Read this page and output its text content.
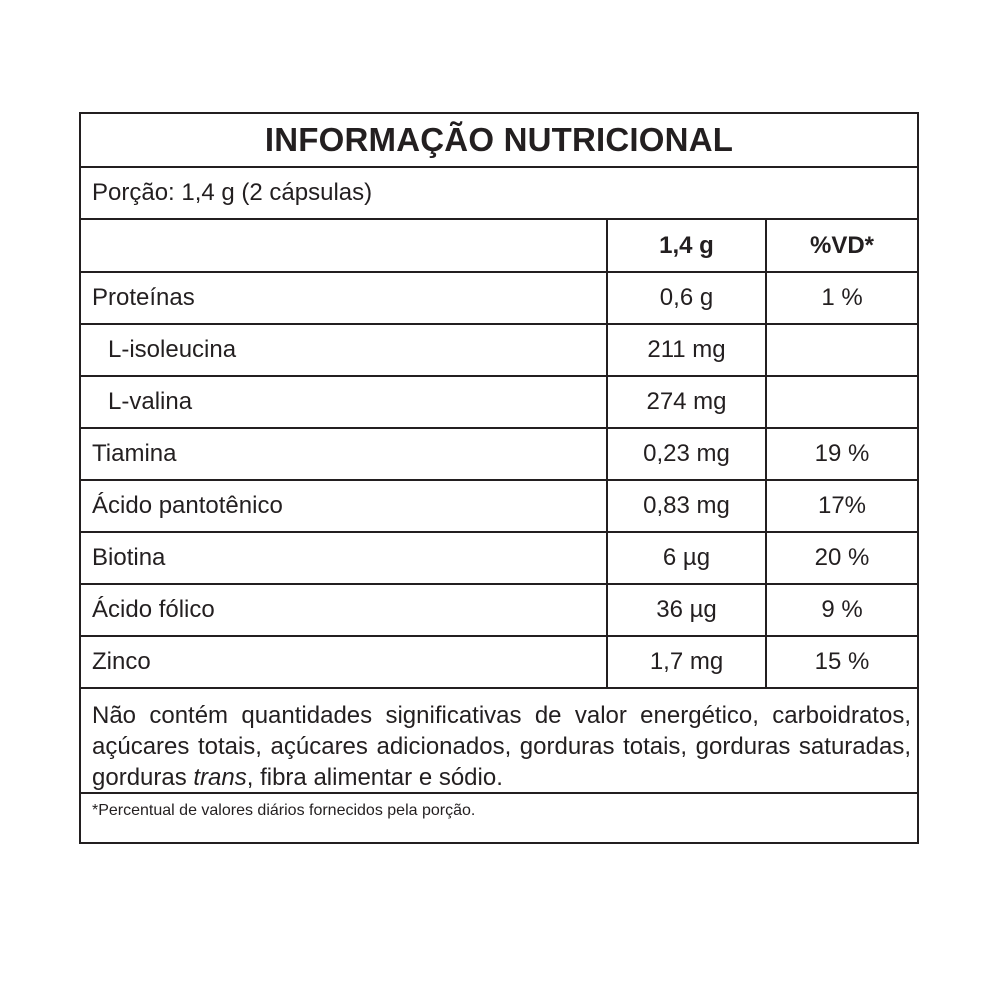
INFORMAÇÃO NUTRICIONAL
Porção: 1,4 g (2 cápsulas)
	1,4 g	%VD*
Proteínas	0,6 g	1 %
L-isoleucina	211 mg	
L-valina	274 mg	
Tiamina	0,23 mg	19 %
Ácido pantotênico	0,83 mg	17%
Biotina	6 µg	20 %
Ácido fólico	36 µg	9 %
Zinco	1,7 mg	15 %
Não contém quantidades significativas de valor energético, carboidratos, açúcares totais, açúcares adicionados, gorduras totais, gorduras saturadas, gorduras trans, fibra alimentar e sódio.
*Percentual de valores diários fornecidos pela porção.
